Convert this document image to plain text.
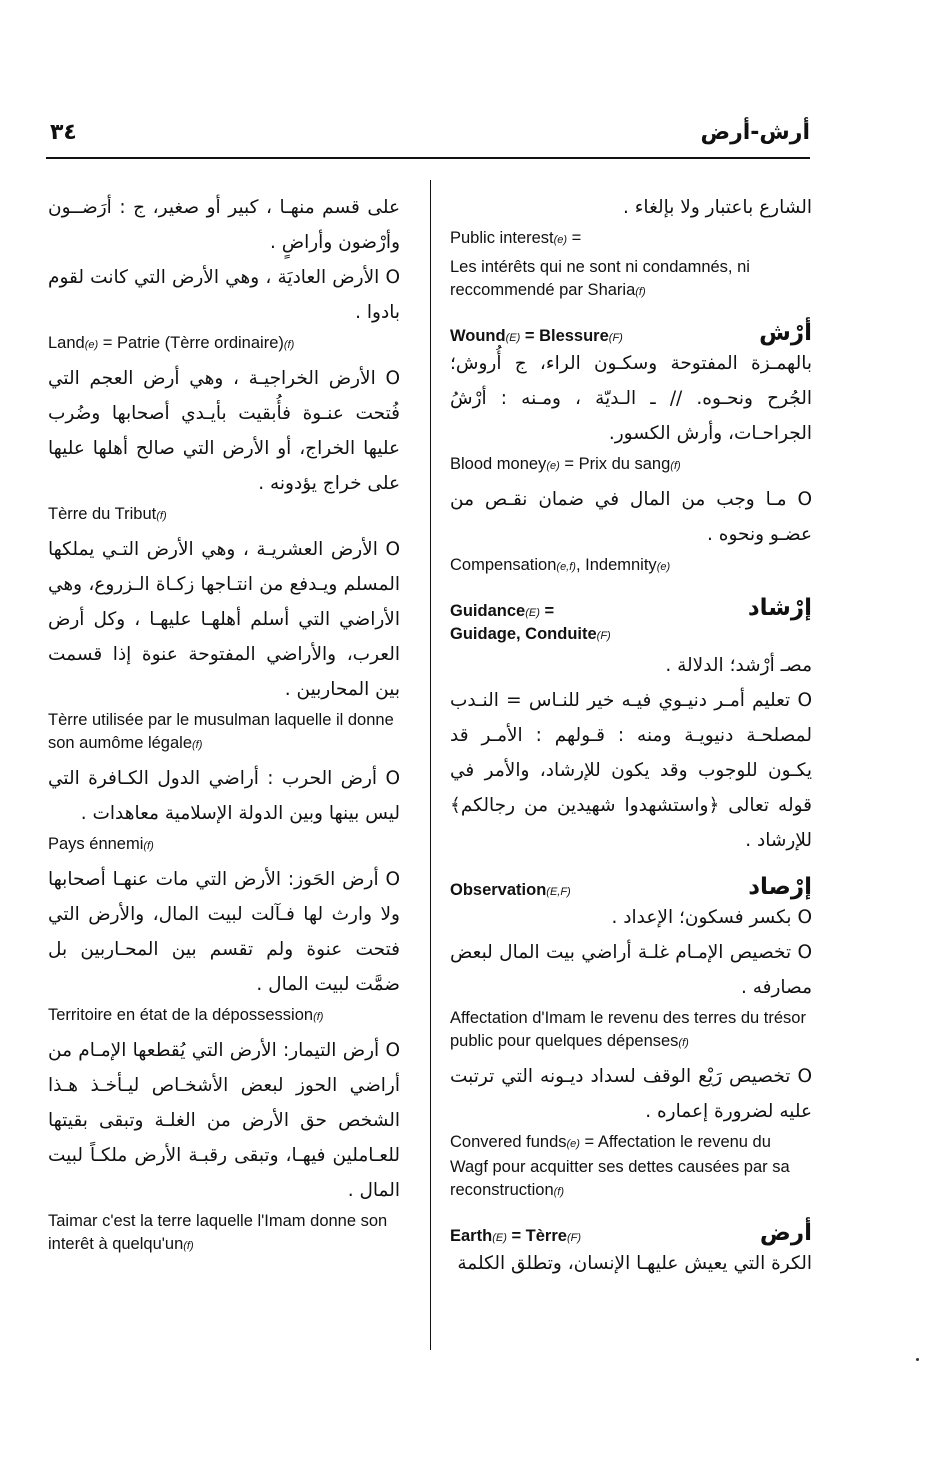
٣٤	أرش-أرض

الشارع باعتبار ولا بإلغاء .

Public interest(e) =

Les intérêts qui ne sont ni condamnés, ni reccommendé par Sharia(f)

Wound(E) = Blessure(F)	أرْش

بالهمـزة المفتوحة وسكـون الراء، ج أُروش؛ الجُرح ونحـوه. // ـ الـديّة ، ومـنه : أرْشُ الجراحـات، وأرش الكسور.

Blood money(e) = Prix du sang(f)

O مـا وجب من المال في ضمان نقـص من عضـو ونحوه .

Compensation(e,f), Indemnity(e)

Guidance(E) =	إرْشاد

Guidage, Conduite(F)

مصـ أرْشد؛ الدلالة .

O تعليم أمـر دنيـوي فيـه خير للنـاس = النـدب لمصلحـة دنيويـة ومنه : قـولهم : الأمـر قد يكـون للوجوب وقد يكون للإرشاد، والأمر في قوله تعالى ﴿واستشهدوا شهيدين من رجالكم﴾ للإرشاد .

Observation(E,F)	إرْصاد

O بكسر فسكون؛ الإعداد .

O تخصيص الإمـام غلـة أراضي بيت المال لبعض مصارفه .

Affectation d'Imam le revenu des terres du trésor public pour quelques dépenses(f)

O تخصيص رَيْع الوقف لسداد ديـونه التي ترتبت عليه لضرورة إعماره .

Convered funds(e) = Affectation le revenu du Wagf pour acquitter ses dettes causées par sa reconstruction(f)

Earth(E) = Tèrre(F)	أرض

الكرة التي يعيش عليهـا الإنسان، وتطلق الكلمة

على قسم منهـا ، كبير أو صغير، ج : أرَضــون وأرْضون وأراضٍ .

O الأرض العاديَة ، وهي الأرض التي كانت لقوم بادوا .

Land(e) = Patrie (Tèrre ordinaire)(f)

O الأرض الخراجيـة ، وهي أرض العجم التي فُتحت عنـوة فأُبقيت بأيـدي أصحابها وضُرب عليها الخراج، أو الأرض التي صالح أهلها عليها على خراج يؤدونه .

Tèrre du Tribut(f)

O الأرض العشريـة ، وهي الأرض التـي يملكها المسلم ويـدفع من انتـاجها زكـاة الـزروع، وهي الأراضي التي أسلم أهلهـا عليهـا ، وكل أرض العرب، والأراضي المفتوحة عنوة إذا قسمت بين المحاربين .

Tèrre utilisée par le musulman laquelle il donne son aumôme légale(f)

O أرض الحرب : أراضي الدول الكـافرة التي ليس بينها وبين الدولة الإسلامية معاهدات .

Pays énnemi(f)

O أرض الحَوز: الأرض التي مات عنهـا أصحابها ولا وارث لها فـآلت لبيت المال، والأرض التي فتحت عنوة ولم تقسم بين المحـاربين بل ضمَّت لبيت المال .

Territoire en état de la dépossession(f)

O أرض التيمار: الأرض التي يُقطعها الإمـام من أراضي الحوز لبعض الأشخـاص ليـأخـذ هـذا الشخص حق الأرض من الغلـة وتبقى بقيتها للعـاملين فيهـا، وتبقى رقبـة الأرض ملكـاً لبيت المال .

Taimar c'est la terre laquelle l'Imam donne son interêt à quelqu'un(f)
